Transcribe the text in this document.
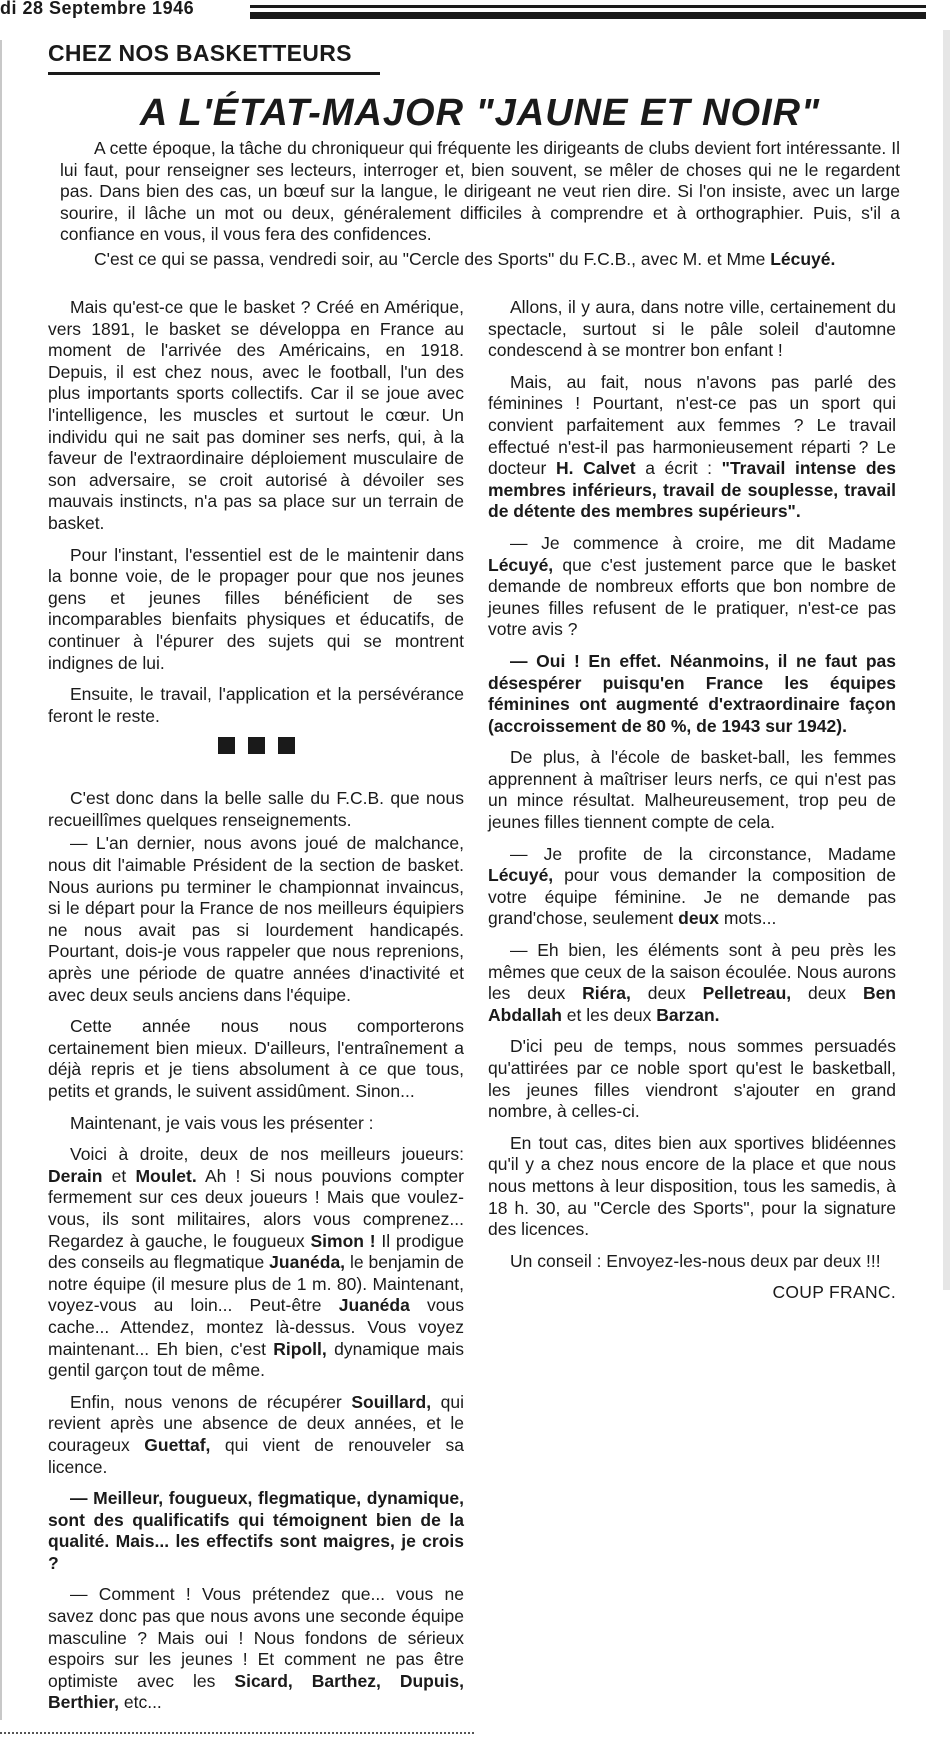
di 28 Septembre 1946
CHEZ NOS BASKETTEURS
A L'ÉTAT-MAJOR "JAUNE ET NOIR"

A cette époque, la tâche du chroniqueur qui fréquente les dirigeants de clubs devient fort intéressante. Il lui faut, pour renseigner ses lecteurs, interroger et, bien souvent, se mêler de choses qui ne le regardent pas. Dans bien des cas, un bœuf sur la langue, le dirigeant ne veut rien dire. Si l'on insiste, avec un large sourire, il lâche un mot ou deux, généralement difficiles à comprendre et à orthographier. Puis, s'il a confiance en vous, il vous fera des confidences.

C'est ce qui se passa, vendredi soir, au "Cercle des Sports" du F.C.B., avec M. et Mme Lécuyé.

Mais qu'est-ce que le basket ? Créé en Amérique, vers 1891, le basket se développa en France au moment de l'arrivée des Américains, en 1918. Depuis, il est chez nous, avec le football, l'un des plus importants sports collectifs. Car il se joue avec l'intelligence, les muscles et surtout le cœur. Un individu qui ne sait pas dominer ses nerfs, qui, à la faveur de l'extraordinaire déploiement musculaire de son adversaire, se croit autorisé à dévoiler ses mauvais instincts, n'a pas sa place sur un terrain de basket.

Pour l'instant, l'essentiel est de le maintenir dans la bonne voie, de le propager pour que nos jeunes gens et jeunes filles bénéficient de ses incomparables bienfaits physiques et éducatifs, de continuer à l'épurer des sujets qui se montrent indignes de lui.

Ensuite, le travail, l'application et la persévérance feront le reste.

C'est donc dans la belle salle du F.C.B. que nous recueillîmes quelques renseignements.

— L'an dernier, nous avons joué de malchance, nous dit l'aimable Président de la section de basket. Nous aurions pu terminer le championnat invaincus, si le départ pour la France de nos meilleurs équipiers ne nous avait pas si lourdement handicapés. Pourtant, dois-je vous rappeler que nous reprenions, après une période de quatre années d'inactivité et avec deux seuls anciens dans l'équipe.

Cette année nous nous comporterons certainement bien mieux. D'ailleurs, l'entraînement a déjà repris et je tiens absolument à ce que tous, petits et grands, le suivent assidûment. Sinon...

Maintenant, je vais vous les présenter :

Voici à droite, deux de nos meilleurs joueurs: Derain et Moulet. Ah ! Si nous pouvions compter fermement sur ces deux joueurs ! Mais que voulez-vous, ils sont militaires, alors vous comprenez... Regardez à gauche, le fougueux Simon ! Il prodigue des conseils au flegmatique Juanéda, le benjamin de notre équipe (il mesure plus de 1 m. 80). Maintenant, voyez-vous au loin... Peut-être Juanéda vous cache... Attendez, montez là-dessus. Vous voyez maintenant... Eh bien, c'est Ripoll, dynamique mais gentil garçon tout de même.

Enfin, nous venons de récupérer Souillard, qui revient après une absence de deux années, et le courageux Guettaf, qui vient de renouveler sa licence.

— Meilleur, fougueux, flegmatique, dynamique, sont des qualificatifs qui témoignent bien de la qualité. Mais... les effectifs sont maigres, je crois ?

— Comment ! Vous prétendez que... vous ne savez donc pas que nous avons une seconde équipe masculine ? Mais oui ! Nous fondons de sérieux espoirs sur les jeunes ! Et comment ne pas être optimiste avec les Sicard, Barthez, Dupuis, Berthier, etc...

Allons, il y aura, dans notre ville, certainement du spectacle, surtout si le pâle soleil d'automne condescend à se montrer bon enfant !

Mais, au fait, nous n'avons pas parlé des féminines ! Pourtant, n'est-ce pas un sport qui convient parfaitement aux femmes ? Le travail effectué n'est-il pas harmonieusement réparti ? Le docteur H. Calvet a écrit : "Travail intense des membres inférieurs, travail de souplesse, travail de détente des membres supérieurs".

— Je commence à croire, me dit Madame Lécuyé, que c'est justement parce que le basket demande de nombreux efforts que bon nombre de jeunes filles refusent de le pratiquer, n'est-ce pas votre avis ?

— Oui ! En effet. Néanmoins, il ne faut pas désespérer puisqu'en France les équipes féminines ont augmenté d'extraordinaire façon (accroissement de 80 %, de 1943 sur 1942).

De plus, à l'école de basket-ball, les femmes apprennent à maîtriser leurs nerfs, ce qui n'est pas un mince résultat. Malheureusement, trop peu de jeunes filles tiennent compte de cela.

— Je profite de la circonstance, Madame Lécuyé, pour vous demander la composition de votre équipe féminine. Je ne demande pas grand'chose, seulement deux mots...

— Eh bien, les éléments sont à peu près les mêmes que ceux de la saison écoulée. Nous aurons les deux Riéra, deux Pelletreau, deux Ben Abdallah et les deux Barzan.

D'ici peu de temps, nous sommes persuadés qu'attirées par ce noble sport qu'est le basketball, les jeunes filles viendront s'ajouter en grand nombre, à celles-ci.

En tout cas, dites bien aux sportives blidéennes qu'il y a chez nous encore de la place et que nous nous mettons à leur disposition, tous les samedis, à 18 h. 30, au "Cercle des Sports", pour la signature des licences.

Un conseil : Envoyez-les-nous deux par deux !!!

COUP FRANC.
